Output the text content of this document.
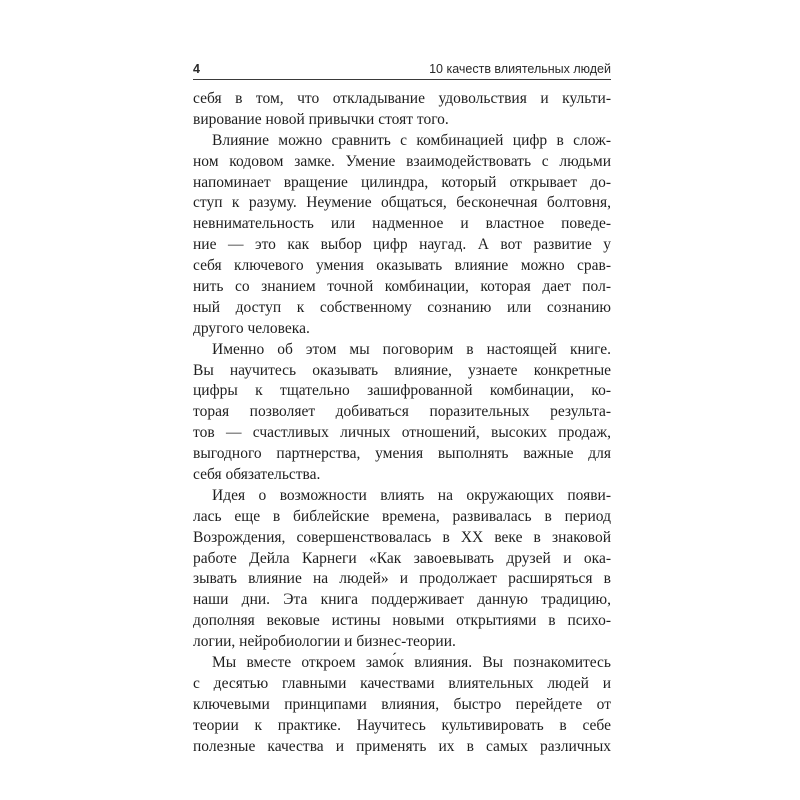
4	10 качеств влиятельных людей
себя в том, что откладывание удовольствия и культи-
вирование новой привычки стоят того.
Влияние можно сравнить с комбинацией цифр в слож-
ном кодовом замке. Умение взаимодействовать с людьми
напоминает вращение цилиндра, который открывает до-
ступ к разуму. Неумение общаться, бесконечная болтовня,
невнимательность или надменное и властное поведе-
ние — это как выбор цифр наугад. А вот развитие у
себя ключевого умения оказывать влияние можно срав-
нить со знанием точной комбинации, которая дает пол-
ный доступ к собственному сознанию или сознанию
другого человека.
Именно об этом мы поговорим в настоящей книге.
Вы научитесь оказывать влияние, узнаете конкретные
цифры к тщательно зашифрованной комбинации, ко-
торая позволяет добиваться поразительных результа-
тов — счастливых личных отношений, высоких продаж,
выгодного партнерства, умения выполнять важные для
себя обязательства.
Идея о возможности влиять на окружающих появи-
лась еще в библейские времена, развивалась в период
Возрождения, совершенствовалась в XX веке в знаковой
работе Дейла Карнеги «Как завоевывать друзей и ока-
зывать влияние на людей» и продолжает расширяться в
наши дни. Эта книга поддерживает данную традицию,
дополняя вековые истины новыми открытиями в психо-
логии, нейробиологии и бизнес-теории.
Мы вместе откроем замо́к влияния. Вы познакомитесь
с десятью главными качествами влиятельных людей и
ключевыми принципами влияния, быстро перейдете от
теории к практике. Научитесь культивировать в себе
полезные качества и применять их в самых различных
